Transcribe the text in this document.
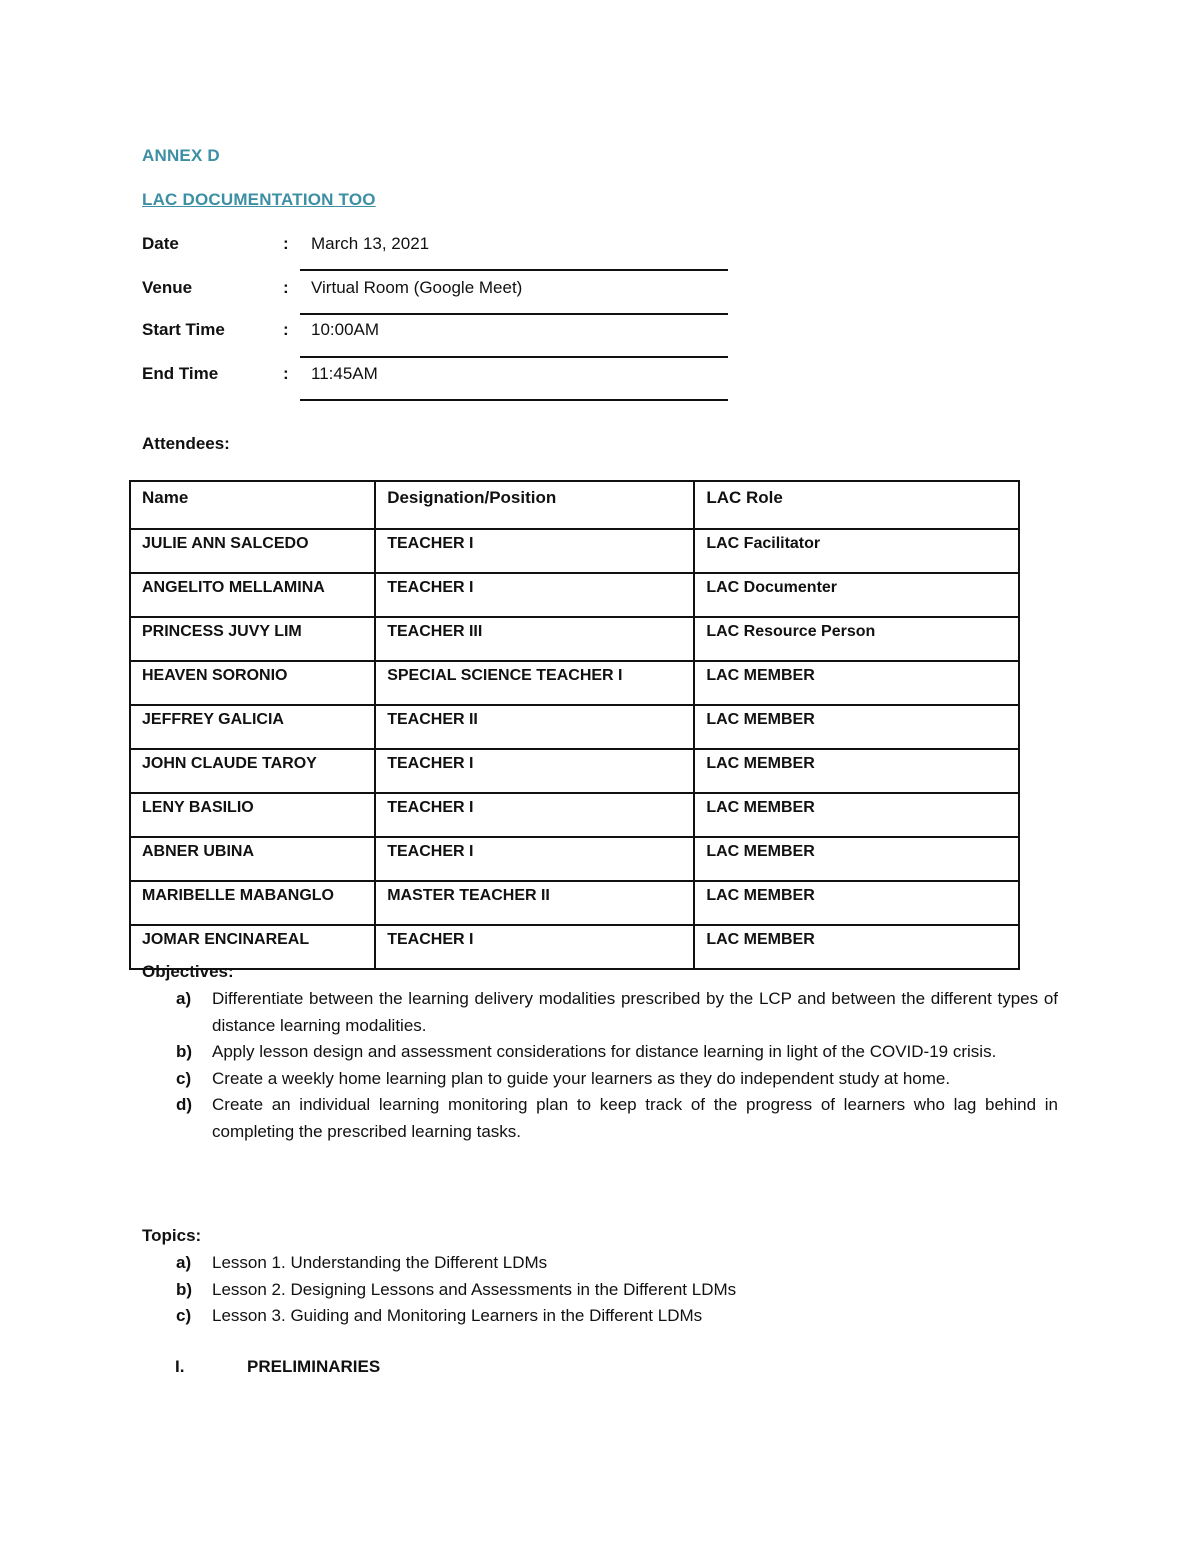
ANNEX D
LAC DOCUMENTATION TOO
Date	: March 13, 2021
Venue	: Virtual Room (Google Meet)
Start Time	: 10:00AM
End Time	: 11:45AM
Attendees:
Name	Designation/Position	LAC Role
JULIE ANN SALCEDO	TEACHER I	LAC Facilitator
ANGELITO MELLAMINA	TEACHER I	LAC Documenter
PRINCESS JUVY LIM	TEACHER III	LAC Resource Person
HEAVEN SORONIO	SPECIAL SCIENCE TEACHER I	LAC MEMBER
JEFFREY GALICIA	TEACHER II	LAC MEMBER
JOHN CLAUDE TAROY	TEACHER I	LAC MEMBER
LENY BASILIO	TEACHER I	LAC MEMBER
ABNER UBINA	TEACHER I	LAC MEMBER
MARIBELLE MABANGLO	MASTER TEACHER II	LAC MEMBER
JOMAR ENCINAREAL	TEACHER I	LAC MEMBER
Objectives:
a) Differentiate between the learning delivery modalities prescribed by the LCP and between the different types of distance learning modalities.
b) Apply lesson design and assessment considerations for distance learning in light of the COVID-19 crisis.
c) Create a weekly home learning plan to guide your learners as they do independent study at home.
d) Create an individual learning monitoring plan to keep track of the progress of learners who lag behind in completing the prescribed learning tasks.
Topics:
a) Lesson 1. Understanding the Different LDMs
b) Lesson 2. Designing Lessons and Assessments in the Different LDMs
c) Lesson 3. Guiding and Monitoring Learners in the Different LDMs
I.	PRELIMINARIES
